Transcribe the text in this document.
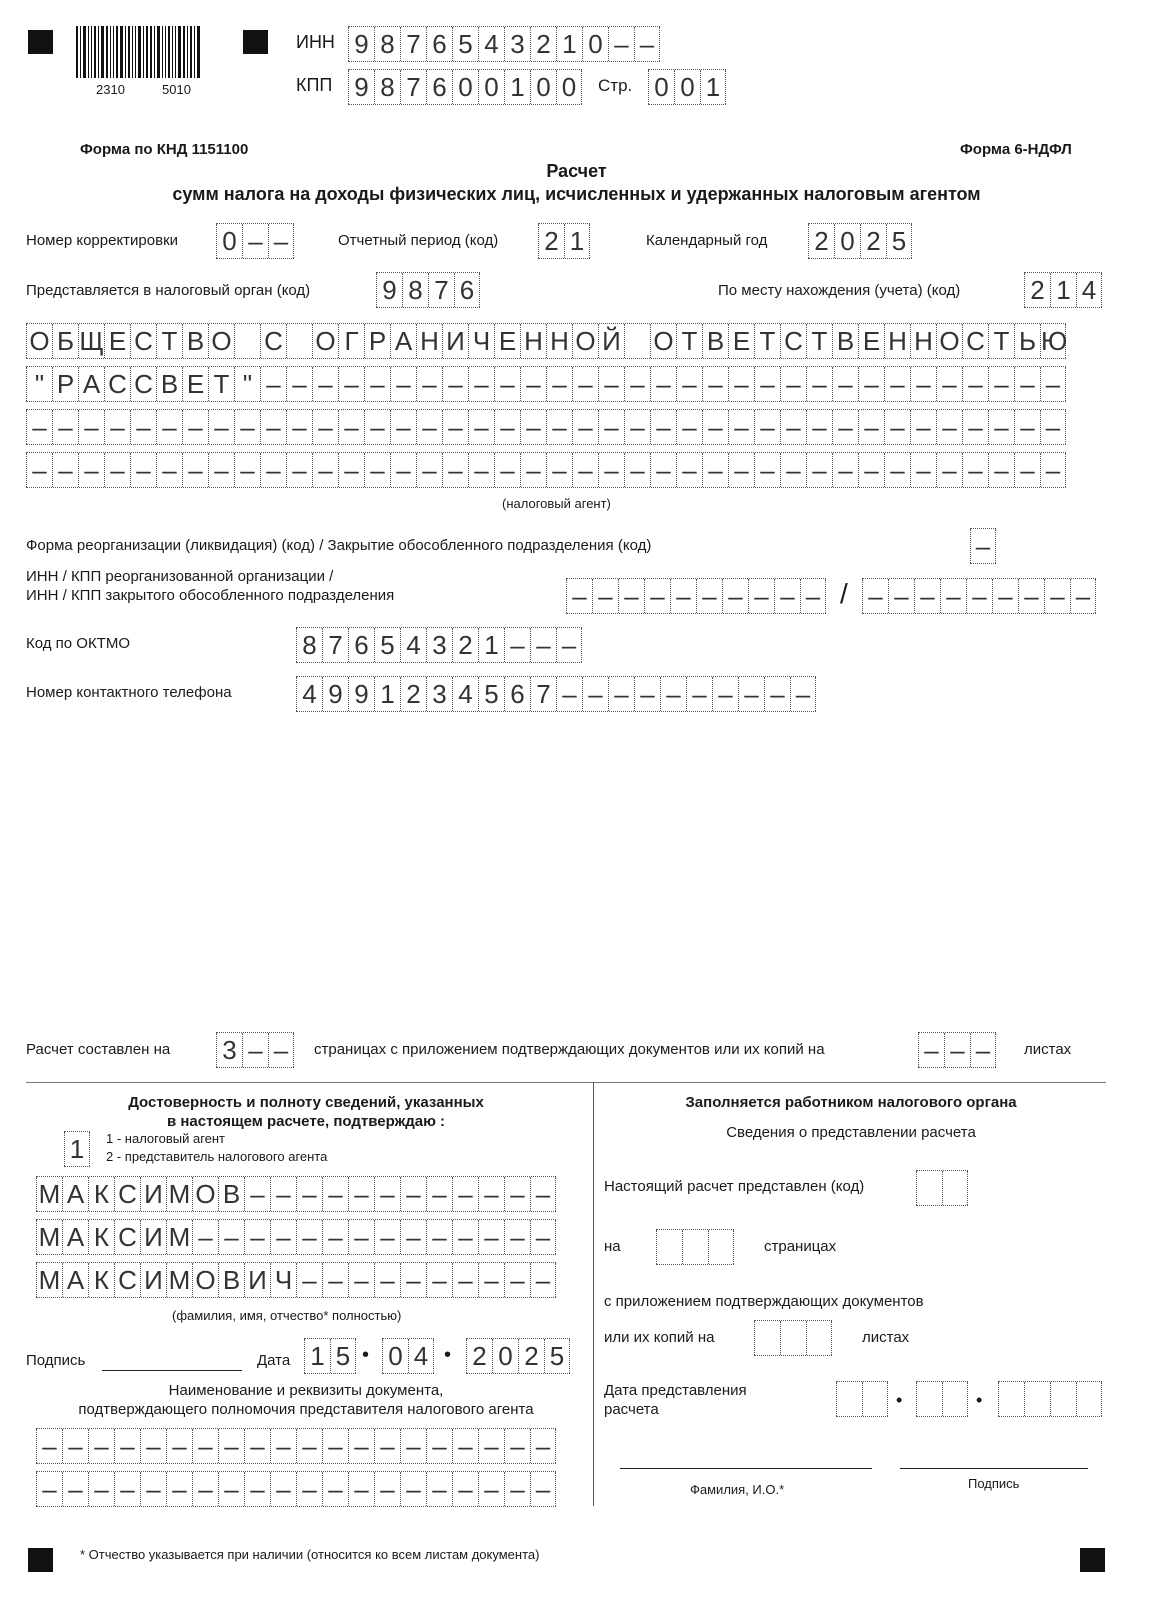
2310	5010
ИНН 9 8 7 6 5 4 3 2 1 0 – –
КПП 9 8 7 6 0 0 1 0 0	Стр. 0 0 1
Форма по КНД 1151100	Форма 6-НДФЛ
Расчет
сумм налога на доходы физических лиц, исчисленных и удержанных налоговым агентом
Номер корректировки 0 – –	Отчетный период (код) 2 1	Календарный год 2 0 2 5
Представляется в налоговый орган (код)	9 8 7 6	По месту нахождения (учета) (код)	2 1 4
О Б Щ Е С Т В О С О Г Р А Н И Ч Е Н Н О Й О Т В Е Т С Т В Е Н Н О С Т Ь Ю
" Р А С С В Е Т " – – – – – – – – – – – – – – – – – – – – – – – – – – – – – – –
– – – – – – – – – – – – – – – – – – – – – – – – – – – – – – – – – – – – – – – –
– – – – – – – – – – – – – – – – – – – – – – – – – – – – – – – – – – – – – – – –
(налоговый агент)
Форма реорганизации (ликвидация) (код) / Закрытие обособленного подразделения (код)	–
ИНН / КПП реорганизованной организации /
ИНН / КПП закрытого обособленного подразделения	– – – – – – – – – – / – – – – – – – – –
Код по ОКТМО	8 7 6 5 4 3 2 1 – – –
Номер контактного телефона	4 9 9 1 2 3 4 5 6 7 – – – – – – – – – –
Расчет составлен на 3 – –	страницах с приложением подтверждающих документов или их копий на	– – –	листах
Достоверность и полноту сведений, указанных
в настоящем расчете, подтверждаю :
1	1 - налоговый агент
2 - представитель налогового агента
М А К С И М О В – – – – – – – – – – – –
М А К С И М – – – – – – – – – – – – – –
М А К С И М О В И Ч – – – – – – – – – –
(фамилия, имя, отчество* полностью)
Подпись	Дата 1 5 • 0 4 • 2 0 2 5
Наименование и реквизиты документа,
подтверждающего полномочия представителя налогового агента
– – – – – – – – – – – – – – – – – – – –
– – – – – – – – – – – – – – – – – – – –
Заполняется работником налогового органа
Сведения о представлении расчета
Настоящий расчет представлен (код)
на	страницах
с приложением подтверждающих документов
или их копий на	листах
Дата представления
расчета	•	•
Фамилия, И.О.*	Подпись
* Отчество указывается при наличии (относится ко всем листам документа)
